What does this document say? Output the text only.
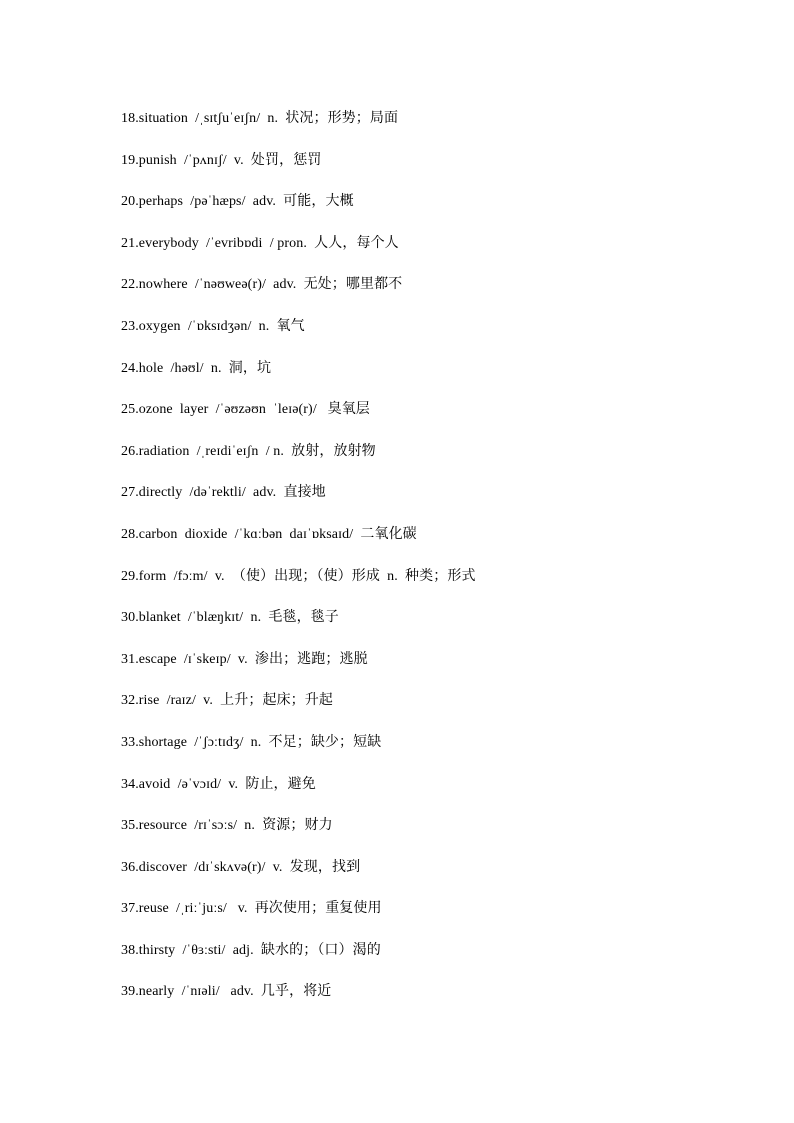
18.situation  /ˌsɪtʃuˈeɪʃn/  n.  状况；形势；局面
19.punish  /ˈpʌnɪʃ/  v.  处罚，惩罚
20.perhaps  /pəˈhæps/  adv.  可能，大概
21.everybody  /ˈevribɒdi  / pron.  人人，每个人
22.nowhere  /ˈnəʊweə(r)/  adv.  无处；哪里都不
23.oxygen  /ˈɒksɪdʒən/  n.  氧气
24.hole  /həʊl/  n.  洞，坑
25.ozone  layer  /ˈəʊzəʊn  ˈleɪə(r)/   臭氧层
26.radiation  /ˌreɪdiˈeɪʃn  / n.  放射，放射物
27.directly  /dəˈrektli/  adv.  直接地
28.carbon  dioxide  /ˈkɑːbən  daɪˈɒksaɪd/  二氧化碳
29.form  /fɔːm/  v.  （使）出现；（使）形成  n.  种类；形式
30.blanket  /ˈblæŋkɪt/  n.  毛毯，毯子
31.escape  /ɪˈskeɪp/  v.  渗出；逃跑；逃脱
32.rise  /raɪz/  v.  上升；起床；升起
33.shortage  /ˈʃɔːtɪdʒ/  n.  不足；缺少；短缺
34.avoid  /əˈvɔɪd/  v.  防止，避免
35.resource  /rɪˈsɔːs/  n.  资源；财力
36.discover  /dɪˈskʌvə(r)/  v.  发现，找到
37.reuse  /ˌriːˈjuːs/   v.  再次使用；重复使用
38.thirsty  /ˈθɜːsti/  adj.  缺水的；（口）渴的
39.nearly  /ˈnɪəli/   adv.  几乎，将近
